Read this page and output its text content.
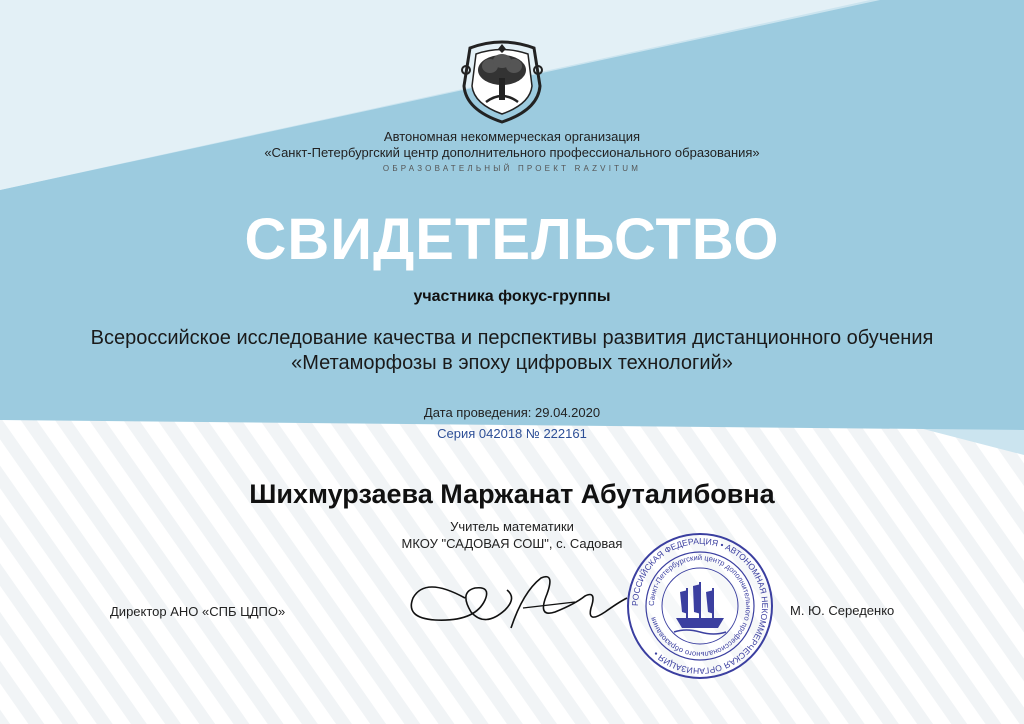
Автономная некоммерческая организация
«Санкт-Петербургский центр дополнительного профессионального образования»
ОБРАЗОВАТЕЛЬНЫЙ ПРОЕКТ RAZVITUM
СВИДЕТЕЛЬСТВО
участника фокус-группы
Всероссийское исследование качества и перспективы развития дистанционного обучения
«Метаморфозы в эпоху цифровых технологий»
Дата проведения: 29.04.2020
Серия 042018 № 222161
Шихмурзаева Маржанат Абуталибовна
Учитель математики
МКОУ "САДОВАЯ СОШ", с. Садовая
Директор АНО «СПБ ЦДПО»
РОССИЙСКАЯ ФЕДЕРАЦИЯ • АВТОНОМНАЯ НЕКОММЕРЧЕСКАЯ ОРГАНИЗАЦИЯ •
Санкт-Петербургский центр дополнительного профессионального образования
М. Ю. Середенко
